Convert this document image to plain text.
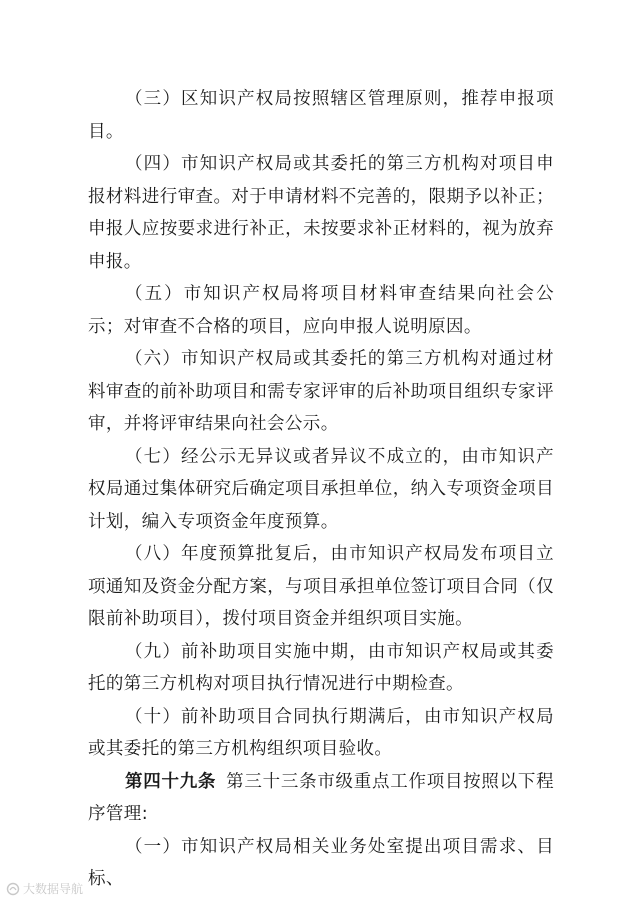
（三）区知识产权局按照辖区管理原则，推荐申报项目。

（四）市知识产权局或其委托的第三方机构对项目申报材料进行审查。对于申请材料不完善的，限期予以补正；申报人应按要求进行补正，未按要求补正材料的，视为放弃申报。

（五）市知识产权局将项目材料审查结果向社会公示；对审查不合格的项目，应向申报人说明原因。

（六）市知识产权局或其委托的第三方机构对通过材料审查的前补助项目和需专家评审的后补助项目组织专家评审，并将评审结果向社会公示。

（七）经公示无异议或者异议不成立的，由市知识产权局通过集体研究后确定项目承担单位，纳入专项资金项目计划，编入专项资金年度预算。

（八）年度预算批复后，由市知识产权局发布项目立项通知及资金分配方案，与项目承担单位签订项目合同（仅限前补助项目），拨付项目资金并组织项目实施。

（九）前补助项目实施中期，由市知识产权局或其委托的第三方机构对项目执行情况进行中期检查。

（十）前补助项目合同执行期满后，由市知识产权局或其委托的第三方机构组织项目验收。

第四十九条 第三十三条市级重点工作项目按照以下程序管理:

（一）市知识产权局相关业务处室提出项目需求、目标、

大数据导航
